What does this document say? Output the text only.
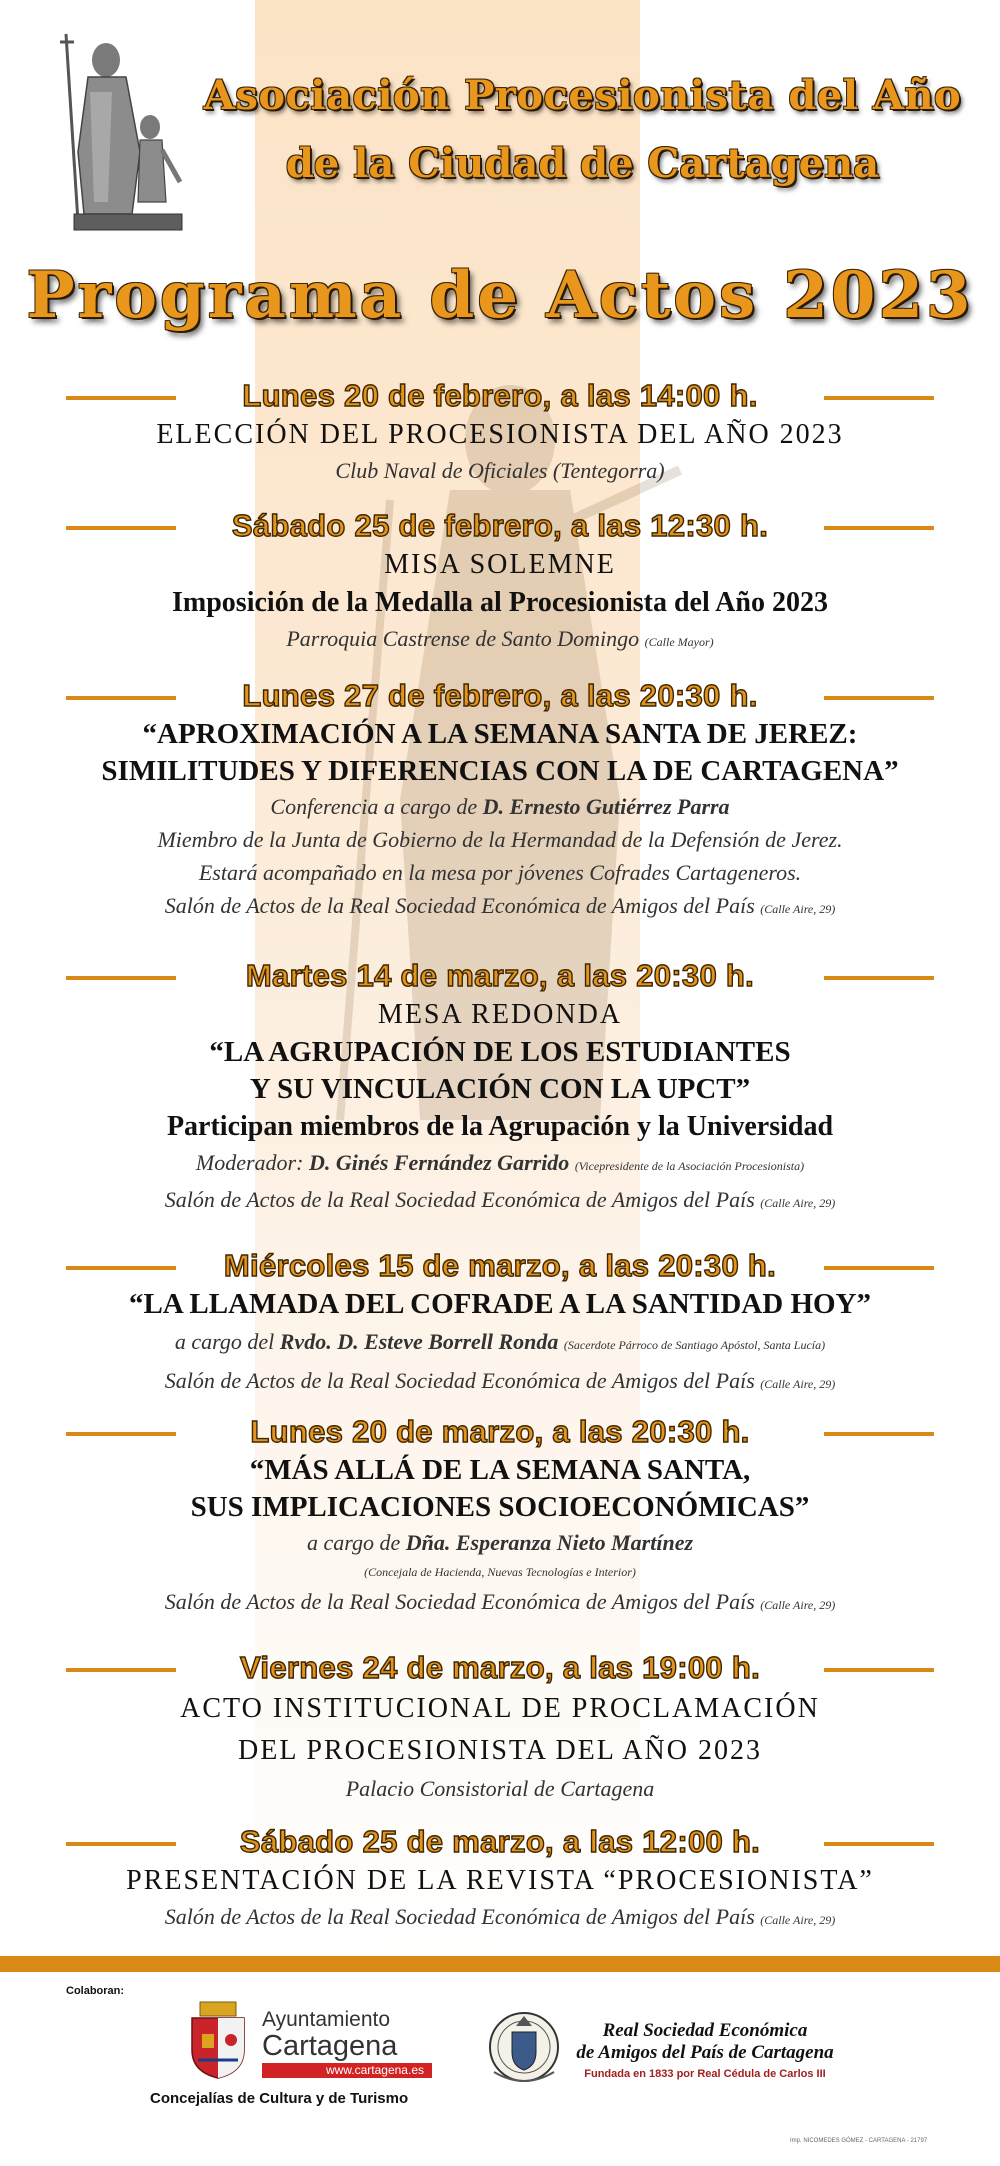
Asociación Procesionista del Año
de la Ciudad de Cartagena
Programa de Actos 2023
Lunes 20 de febrero, a las 14:00 h.
ELECCIÓN DEL PROCESIONISTA DEL AÑO 2023
Club Naval de Oficiales (Tentegorra)
Sábado 25 de febrero, a las 12:30 h.
MISA SOLEMNE
Imposición de la Medalla al Procesionista del Año 2023
Parroquia Castrense de Santo Domingo (Calle Mayor)
Lunes 27 de febrero, a las 20:30 h.
“APROXIMACIÓN A LA SEMANA SANTA DE JEREZ:
SIMILITUDES Y DIFERENCIAS CON LA DE CARTAGENA”
Conferencia a cargo de D. Ernesto Gutiérrez Parra
Miembro de la Junta de Gobierno de la Hermandad de la Defensión de Jerez.
Estará acompañado en la mesa por jóvenes Cofrades Cartageneros.
Salón de Actos de la Real Sociedad Económica de Amigos del País (Calle Aire, 29)
Martes 14 de marzo, a las 20:30 h.
MESA REDONDA
“LA AGRUPACIÓN DE LOS ESTUDIANTES
Y SU VINCULACIÓN CON LA UPCT”
Participan miembros de la Agrupación y la Universidad
Moderador: D. Ginés Fernández Garrido (Vicepresidente de la Asociación Procesionista)
Salón de Actos de la Real Sociedad Económica de Amigos del País (Calle Aire, 29)
Miércoles 15 de marzo, a las 20:30 h.
“LA LLAMADA DEL COFRADE A LA SANTIDAD HOY”
a cargo del Rvdo. D. Esteve Borrell Ronda (Sacerdote Párroco de Santiago Apóstol, Santa Lucía)
Salón de Actos de la Real Sociedad Económica de Amigos del País (Calle Aire, 29)
Lunes 20 de marzo, a las 20:30 h.
“MÁS ALLÁ DE LA SEMANA SANTA,
SUS IMPLICACIONES SOCIOECONÓMICAS”
a cargo de Dña. Esperanza Nieto Martínez
(Concejala de Hacienda, Nuevas Tecnologías e Interior)
Salón de Actos de la Real Sociedad Económica de Amigos del País (Calle Aire, 29)
Viernes 24 de marzo, a las 19:00 h.
ACTO INSTITUCIONAL DE PROCLAMACIÓN
DEL PROCESIONISTA DEL AÑO 2023
Palacio Consistorial de Cartagena
Sábado 25 de marzo, a las 12:00 h.
PRESENTACIÓN DE LA REVISTA “PROCESIONISTA”
Salón de Actos de la Real Sociedad Económica de Amigos del País (Calle Aire, 29)
Colaboran:
Ayuntamiento
Cartagena
www.cartagena.es
Concejalías de Cultura y de Turismo
Real Sociedad Económica
de Amigos del País de Cartagena
Fundada en 1833 por Real Cédula de Carlos III
Imp. NICOMEDES GÓMEZ - CARTAGENA - 21797
